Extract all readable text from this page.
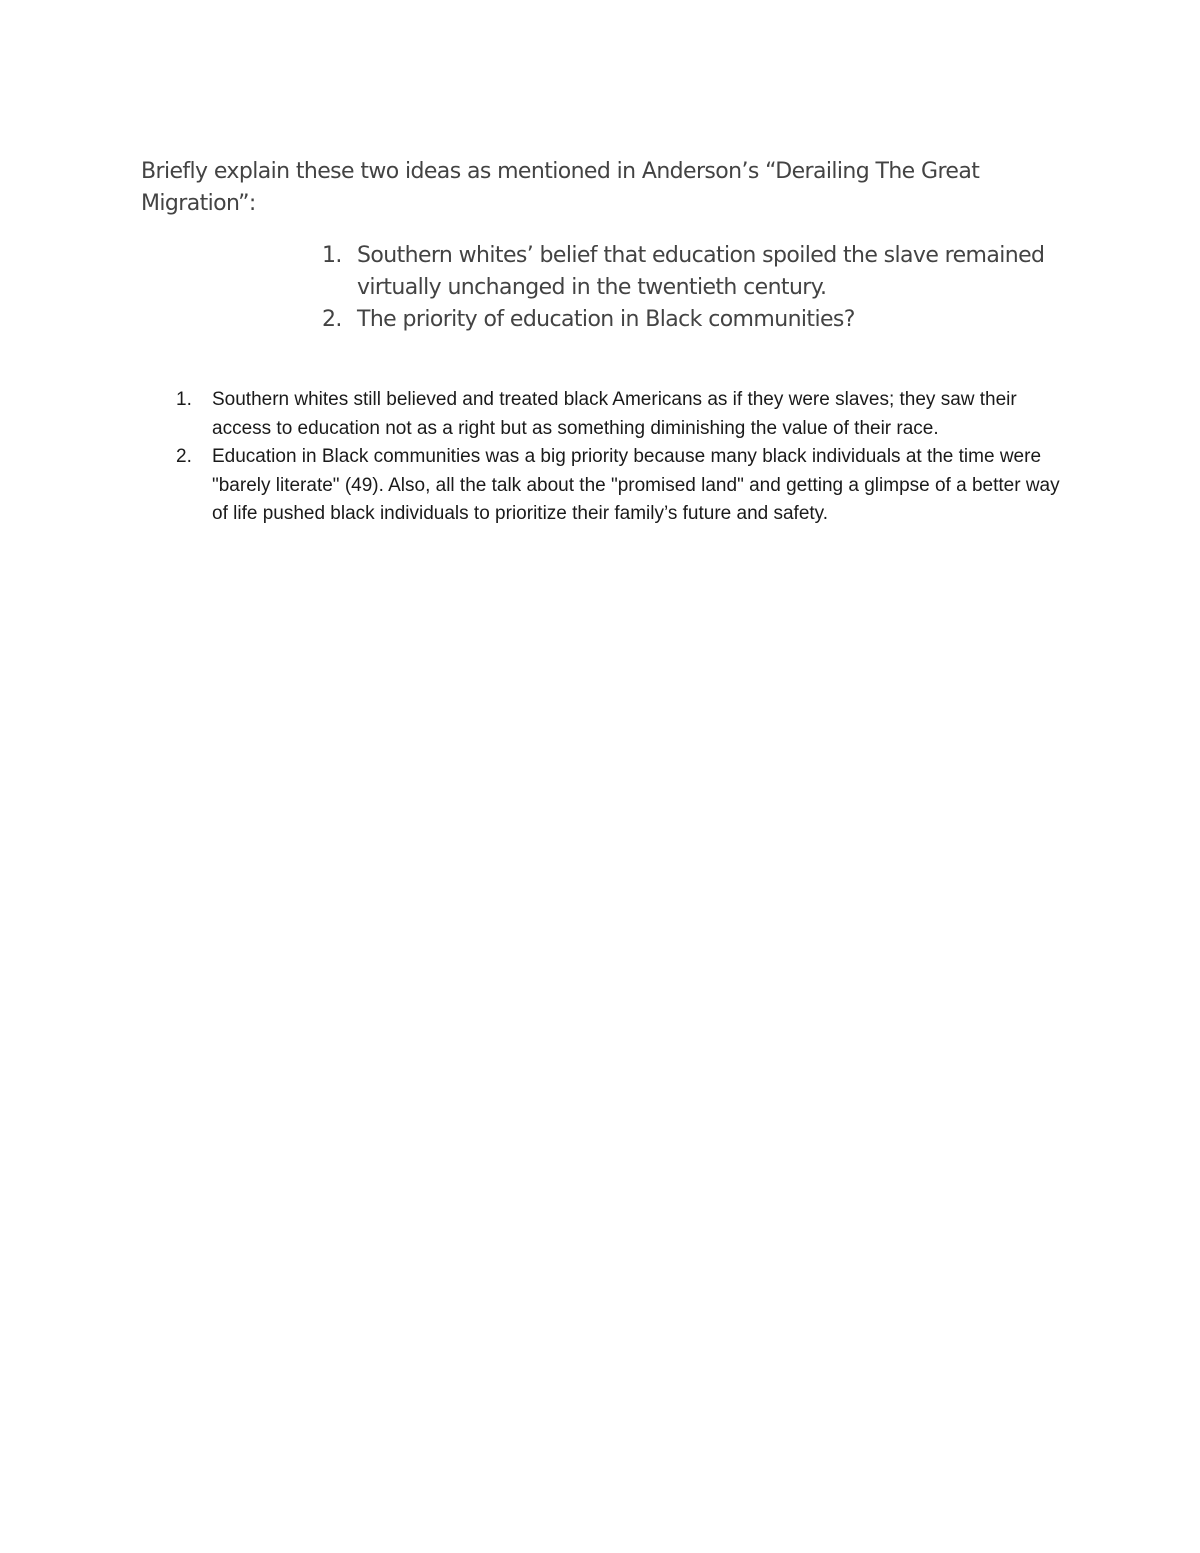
Briefly explain these two ideas as mentioned in Anderson’s “Derailing The Great Migration”:

1. Southern whites’ belief that education spoiled the slave remained virtually unchanged in the twentieth century.
2. The priority of education in Black communities?
1. Southern whites still believed and treated black Americans as if they were slaves; they saw their access to education not as a right but as something diminishing the value of their race.
2. Education in Black communities was a big priority because many black individuals at the time were "barely literate" (49). Also, all the talk about the "promised land" and getting a glimpse of a better way of life pushed black individuals to prioritize their family’s future and safety.
